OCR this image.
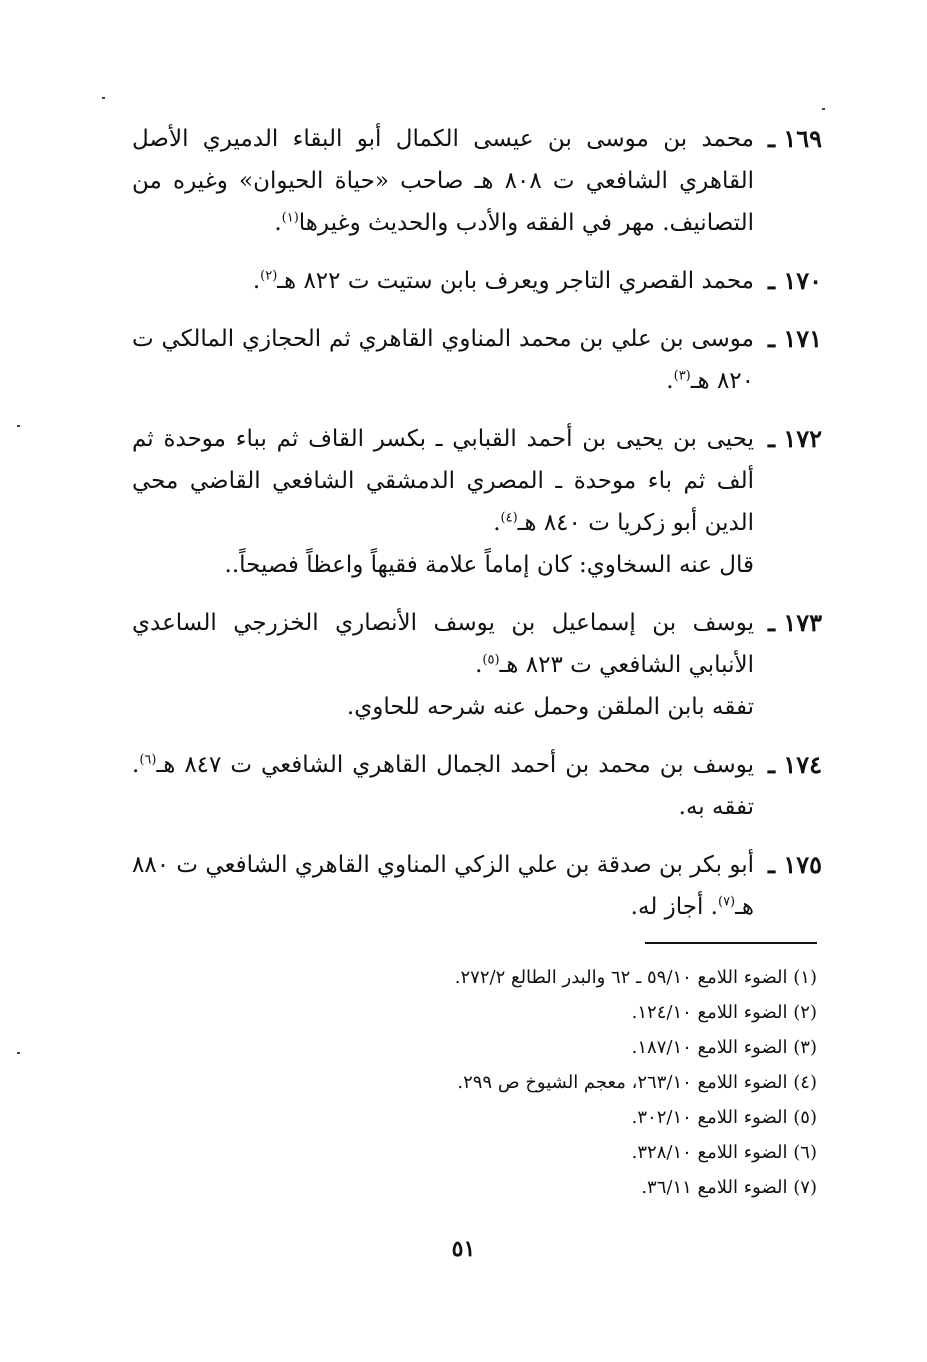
١٦٩ ـ

محمد بن موسى بن عيسى الكمال أبو البقاء الدميري الأصل القاهري الشافعي ت ٨٠٨ هـ صاحب «حياة الحيوان» وغيره من التصانيف. مهر في الفقه والأدب والحديث وغيرها$^{(١)}$.

١٧٠ ـ

محمد القصري التاجر ويعرف بابن ستيت ت ٨٢٢ هـ$^{(٢)}$.

١٧١ ـ

موسى بن علي بن محمد المناوي القاهري ثم الحجازي المالكي ت ٨٢٠ هـ$^{(٣)}$.

١٧٢ ـ

يحيى بن يحيى بن أحمد القبابي ـ بكسر القاف ثم بباء موحدة ثم ألف ثم باء موحدة ـ المصري الدمشقي الشافعي القاضي محي الدين أبو زكريا ت ٨٤٠ هـ$^{(٤)}$.

قال عنه السخاوي: كان إماماً علامة فقيهاً واعظاً فصيحاً..

١٧٣ ـ

يوسف بن إسماعيل بن يوسف الأنصاري الخزرجي الساعدي الأنبابي الشافعي ت ٨٢٣ هـ$^{(٥)}$.

تفقه بابن الملقن وحمل عنه شرحه للحاوي.

١٧٤ ـ

يوسف بن محمد بن أحمد الجمال القاهري الشافعي ت ٨٤٧ هـ$^{(٦)}$. تفقه به.

١٧٥ ـ

أبو بكر بن صدقة بن علي الزكي المناوي القاهري الشافعي ت ٨٨٠ هـ$^{(٧)}$. أجاز له.

(١) الضوء اللامع ٥٩/١٠ ـ ٦٢ والبدر الطالع ٢٧٢/٢.

(٢) الضوء اللامع ١٢٤/١٠.

(٣) الضوء اللامع ١٨٧/١٠.

(٤) الضوء اللامع ٢٦٣/١٠، معجم الشيوخ ص ٢٩٩.

(٥) الضوء اللامع ٣٠٢/١٠.

(٦) الضوء اللامع ٣٢٨/١٠.

(٧) الضوء اللامع ٣٦/١١.

٥١
